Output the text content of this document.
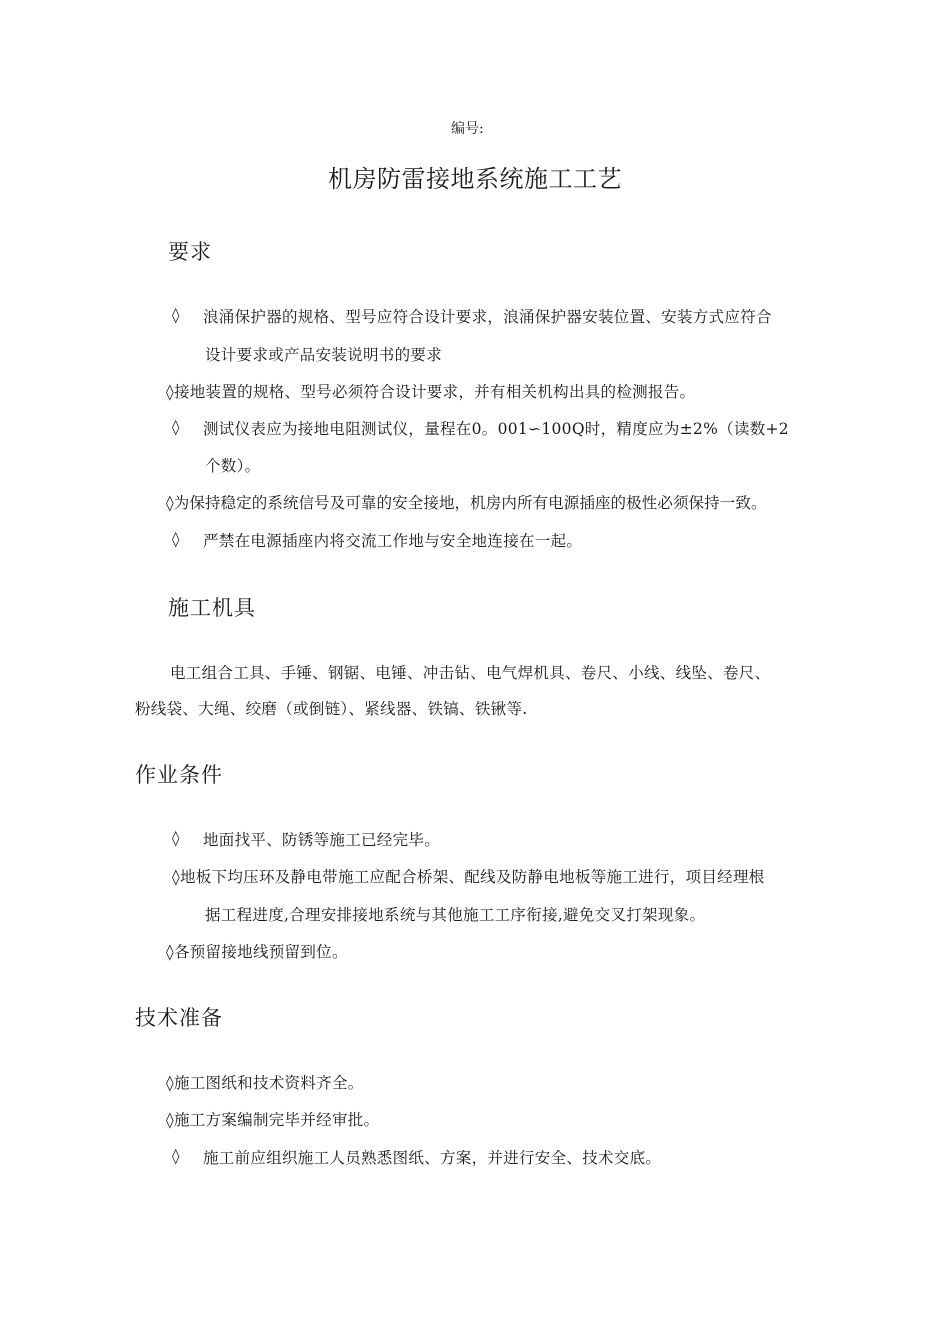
编号:
机房防雷接地系统施工工艺
要求
◊ 浪涌保护器的规格、型号应符合设计要求，浪涌保护器安装位置、安装方式应符合
设计要求或产品安装说明书的要求
◊接地装置的规格、型号必须符合设计要求，并有相关机构出具的检测报告。
◊ 测试仪表应为接地电阻测试仪，量程在0。001∽100Q时，精度应为±2%（读数+2
个数）。
◊为保持稳定的系统信号及可靠的安全接地，机房内所有电源插座的极性必须保持一致。
◊ 严禁在电源插座内将交流工作地与安全地连接在一起。
施工机具
电工组合工具、手锤、钢锯、电锤、冲击钻、电气焊机具、卷尺、小线、线坠、卷尺、
粉线袋、大绳、绞磨（或倒链）、紧线器、铁镐、铁锹等.
作业条件
◊ 地面找平、防锈等施工已经完毕。
◊地板下均压环及静电带施工应配合桥架、配线及防静电地板等施工进行，项目经理根
据工程进度,合理安排接地系统与其他施工工序衔接,避免交叉打架现象。
◊各预留接地线预留到位。
技术准备
◊施工图纸和技术资料齐全。
◊施工方案编制完毕并经审批。
◊ 施工前应组织施工人员熟悉图纸、方案，并进行安全、技术交底。
